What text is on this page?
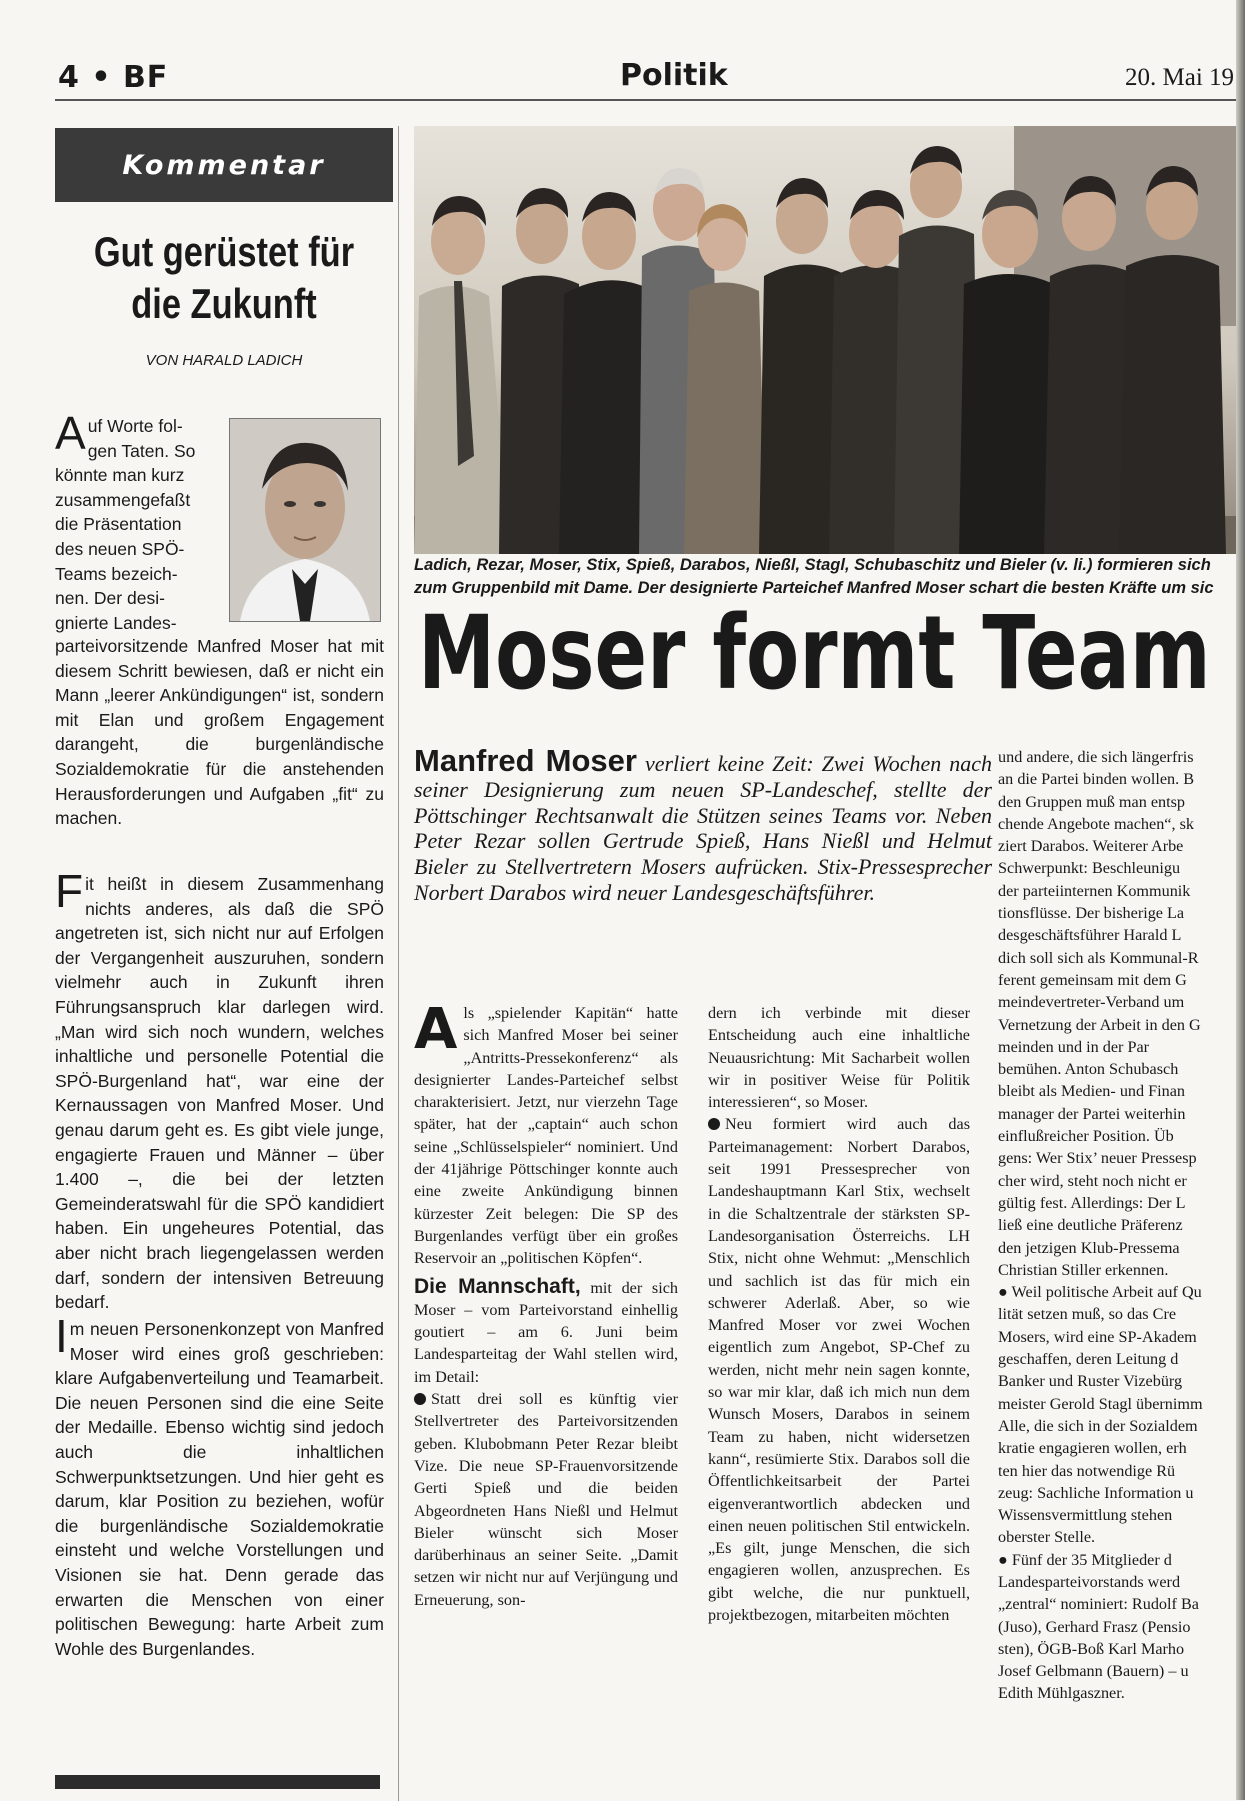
4 • BF	Politik	20. Mai 19
Kommentar
Gut gerüstet für
die Zukunft
VON HARALD LADICH
A uf Worte fol-
gen Taten. So
könnte man kurz
zusammengefaßt
die Präsentation
des neuen SPÖ-
Teams bezeich-
nen. Der desi-
gnierte Landes-
parteivorsitzende Manfred Moser hat mit diesem Schritt bewiesen, daß er nicht ein Mann „leerer Ankündigungen“ ist, sondern mit Elan und großem Engagement darangeht, die burgenländische Sozialdemokratie für die anstehenden Herausforderungen und Aufgaben „fit“ zu machen.
F it heißt in diesem Zusammenhang nichts anderes, als daß die SPÖ angetreten ist, sich nicht nur auf Erfolgen der Vergangenheit auszuruhen, sondern vielmehr auch in Zukunft ihren Führungsanspruch klar darlegen wird. „Man wird sich noch wundern, welches inhaltliche und personelle Potential die SPÖ-Burgenland hat“, war eine der Kernaussagen von Manfred Moser. Und genau darum geht es. Es gibt viele junge, engagierte Frauen und Männer – über 1.400 –, die bei der letzten Gemeinderatswahl für die SPÖ kandidiert haben. Ein ungeheures Potential, das aber nicht brach liegengelassen werden darf, sondern der intensiven Betreuung bedarf.
I m neuen Personenkonzept von Manfred Moser wird eines groß geschrieben: klare Aufgabenverteilung und Teamarbeit. Die neuen Personen sind die eine Seite der Medaille. Ebenso wichtig sind jedoch auch die inhaltlichen Schwerpunktsetzungen. Und hier geht es darum, klar Position zu beziehen, wofür die burgenländische Sozialdemokratie einsteht und welche Vorstellungen und Visionen sie hat. Denn gerade das erwarten die Menschen von einer politischen Bewegung: harte Arbeit zum Wohle des Burgenlandes.
Ladich, Rezar, Moser, Stix, Spieß, Darabos, Nießl, Stagl, Schubaschitz und Bieler (v. li.) formieren sich
zum Gruppenbild mit Dame. Der designierte Parteichef Manfred Moser schart die besten Kräfte um sic
Moser formt Team
Manfred Moser verliert keine Zeit: Zwei Wochen nach seiner Designierung zum neuen SP-Landeschef, stellte der Pöttschinger Rechtsanwalt die Stützen seines Teams vor. Neben Peter Rezar sollen Gertrude Spieß, Hans Nießl und Helmut Bieler zu Stellvertretern Mosers aufrücken. Stix-Pressesprecher Norbert Darabos wird neuer Landesgeschäftsführer.
A ls „spielender Kapitän“ hatte sich Manfred Moser bei seiner „Antritts-Pressekonferenz“ als designierter Landes-Parteichef selbst charakterisiert. Jetzt, nur vierzehn Tage später, hat der „captain“ auch schon seine „Schlüsselspieler“ nominiert. Und der 41jährige Pöttschinger konnte auch eine zweite Ankündigung binnen kürzester Zeit belegen: Die SP des Burgenlandes verfügt über ein großes Reservoir an „politischen Köpfen“.
Die Mannschaft, mit der sich Moser – vom Parteivorstand einhellig goutiert – am 6. Juni beim Landesparteitag der Wahl stellen wird, im Detail:
Statt drei soll es künftig vier Stellvertreter des Parteivorsitzenden geben. Klubobmann Peter Rezar bleibt Vize. Die neue SP-Frauenvorsitzende Gerti Spieß und die beiden Abgeordneten Hans Nießl und Helmut Bieler wünscht sich Moser darüberhinaus an seiner Seite. „Damit setzen wir nicht nur auf Verjüngung und Erneuerung, son-
dern ich verbinde mit dieser Entscheidung auch eine inhaltliche Neuausrichtung: Mit Sacharbeit wollen wir in positiver Weise für Politik interessieren“, so Moser.
Neu formiert wird auch das Parteimanagement: Norbert Darabos, seit 1991 Pressesprecher von Landeshauptmann Karl Stix, wechselt in die Schaltzentrale der stärksten SP-Landesorganisation Österreichs. LH Stix, nicht ohne Wehmut: „Menschlich und sachlich ist das für mich ein schwerer Aderlaß. Aber, so wie Manfred Moser vor zwei Wochen eigentlich zum Angebot, SP-Chef zu werden, nicht mehr nein sagen konnte, so war mir klar, daß ich mich nun dem Wunsch Mosers, Darabos in seinem Team zu haben, nicht widersetzen kann“, resümierte Stix. Darabos soll die Öffentlichkeitsarbeit der Partei eigenverantwortlich abdecken und einen neuen politischen Stil entwickeln. „Es gilt, junge Menschen, die sich engagieren wollen, anzusprechen. Es gibt welche, die nur punktuell, projektbezogen, mitarbeiten möchten
und andere, die sich längerfris
an die Partei binden wollen. B
den Gruppen muß man entsp
chende Angebote machen“, sk
ziert Darabos. Weiterer Arbe
Schwerpunkt: Beschleunigu
der parteiinternen Kommunik
tionsflüsse. Der bisherige La
desgeschäftsführer Harald L
dich soll sich als Kommunal-R
ferent gemeinsam mit dem G
meindevertreter-Verband um
Vernetzung der Arbeit in den G
meinden und in der Par
bemühen. Anton Schubasch
bleibt als Medien- und Finan
manager der Partei weiterhin
einflußreicher Position. Üb
gens: Wer Stix’ neuer Pressesp
cher wird, steht noch nicht er
gültig fest. Allerdings: Der L
ließ eine deutliche Präferenz
den jetzigen Klub-Pressema
Christian Stiller erkennen.
● Weil politische Arbeit auf Qu
lität setzen muß, so das Cre
Mosers, wird eine SP-Akadem
geschaffen, deren Leitung d
Banker und Ruster Vizebürg
meister Gerold Stagl übernimm
Alle, die sich in der Sozialdem
kratie engagieren wollen, erh
ten hier das notwendige Rü
zeug: Sachliche Information u
Wissensvermittlung stehen
oberster Stelle.
● Fünf der 35 Mitglieder d
Landesparteivorstands werd
„zentral“ nominiert: Rudolf Ba
(Juso), Gerhard Frasz (Pensio
sten), ÖGB-Boß Karl Marho
Josef Gelbmann (Bauern) – u
Edith Mühlgaszner.
